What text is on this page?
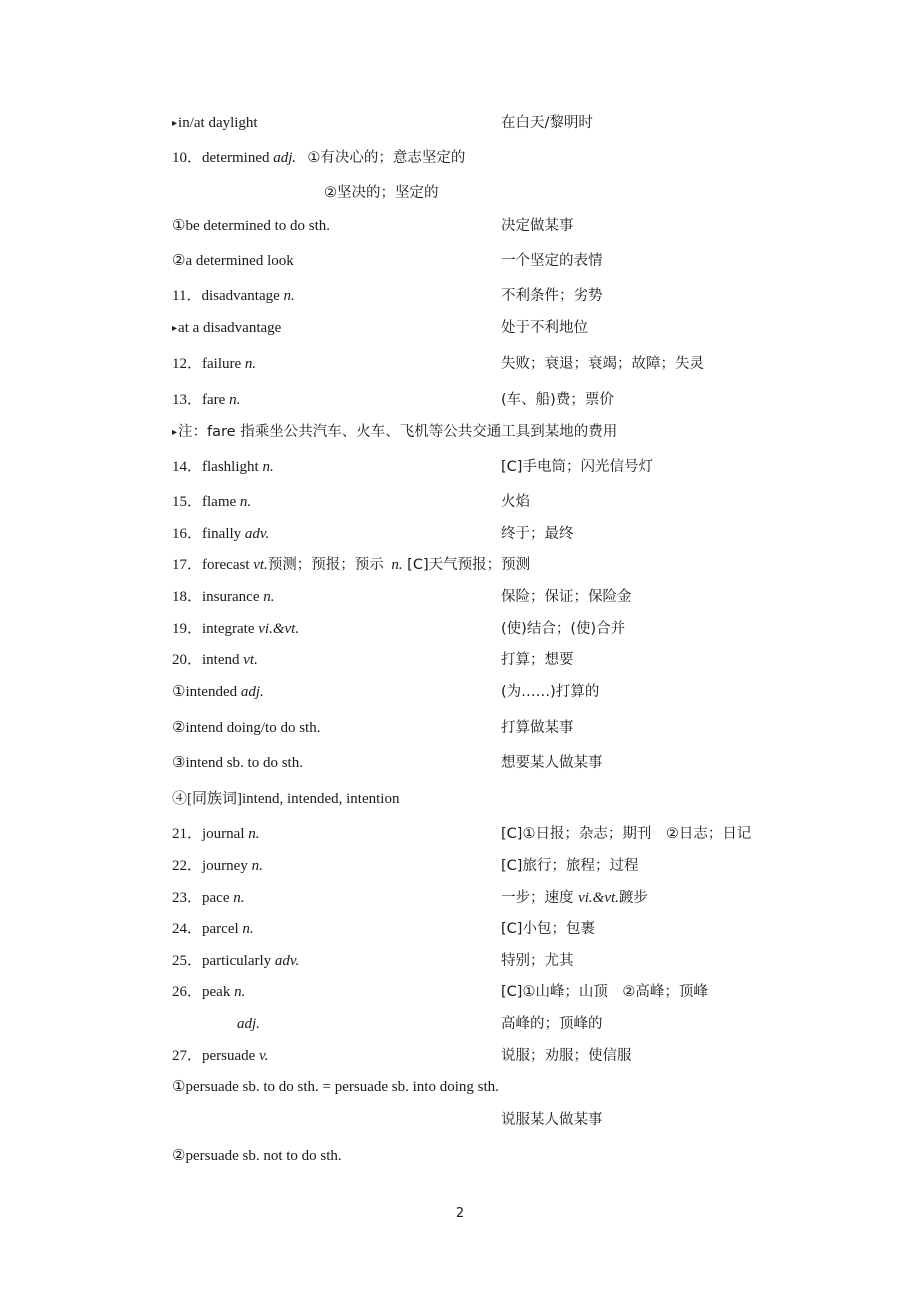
▸in/at daylight	在白天/黎明时
10．determined adj. ①有决心的；意志坚定的
②坚决的；坚定的
①be determined to do sth.	决定做某事
②a determined look	一个坚定的表情
11．disadvantage n.	不利条件；劣势
▸at a disadvantage	处于不利地位
12．failure n.	失败；衰退；衰竭；故障；失灵
13．fare n.	(车、船)费；票价
▸注：fare 指乘坐公共汽车、火车、飞机等公共交通工具到某地的费用
14．flashlight n.	[C]手电筒；闪光信号灯
15．flame n.	火焰
16．finally adv.	终于；最终
17．forecast vt.预测；预报；预示 n. [C]天气预报；预测
18．insurance n.	保险；保证；保险金
19．integrate vi.&vt.	(使)结合；(使)合并
20．intend vt.	打算；想要
①intended adj.	(为……)打算的
②intend doing/to do sth.	打算做某事
③intend sb. to do sth.	想要某人做某事
④[同族词]intend, intended, intention
21．journal n.	[C]①日报；杂志；期刊　②日志；日记
22．journey n.	[C]旅行；旅程；过程
23．pace n.	一步；速度 vi.&vt.踱步
24．parcel n.	[C]小包；包裹
25．particularly adv.	特别；尤其
26．peak n.	[C]①山峰；山顶　②高峰；顶峰
adj.	高峰的；顶峰的
27．persuade v.	说服；劝服；使信服
①persuade sb. to do sth. = persuade sb. into doing sth.
说服某人做某事
②persuade sb. not to do sth.
2
